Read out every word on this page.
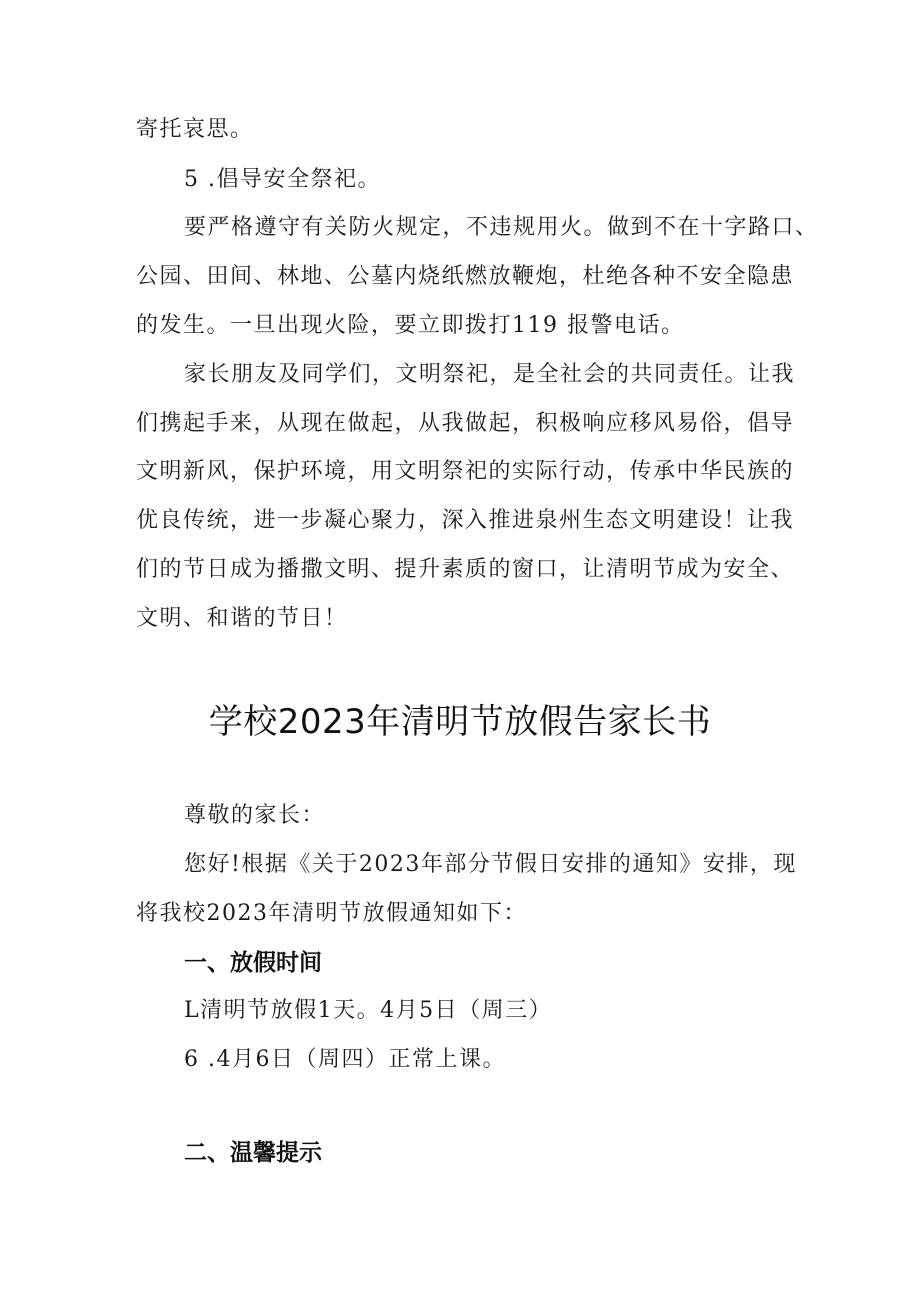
寄托哀思。
5 .倡导安全祭祀。
要严格遵守有关防火规定，不违规用火。做到不在十字路口、
公园、田间、林地、公墓内烧纸燃放鞭炮，杜绝各种不安全隐患
的发生。一旦出现火险，要立即拨打119 报警电话。
家长朋友及同学们，文明祭祀，是全社会的共同责任。让我
们携起手来，从现在做起，从我做起，积极响应移风易俗，倡导
文明新风，保护环境，用文明祭祀的实际行动，传承中华民族的
优良传统，进一步凝心聚力，深入推进泉州生态文明建设！让我
们的节日成为播撒文明、提升素质的窗口，让清明节成为安全、
文明、和谐的节日！
学校2023年清明节放假告家长书
尊敬的家长：
您好!根据《关于2023年部分节假日安排的通知》安排，现
将我校2023年清明节放假通知如下：
一、放假时间
L清明节放假1天。4月5日（周三）
6 .4月6日（周四）正常上课。
二、温馨提示
